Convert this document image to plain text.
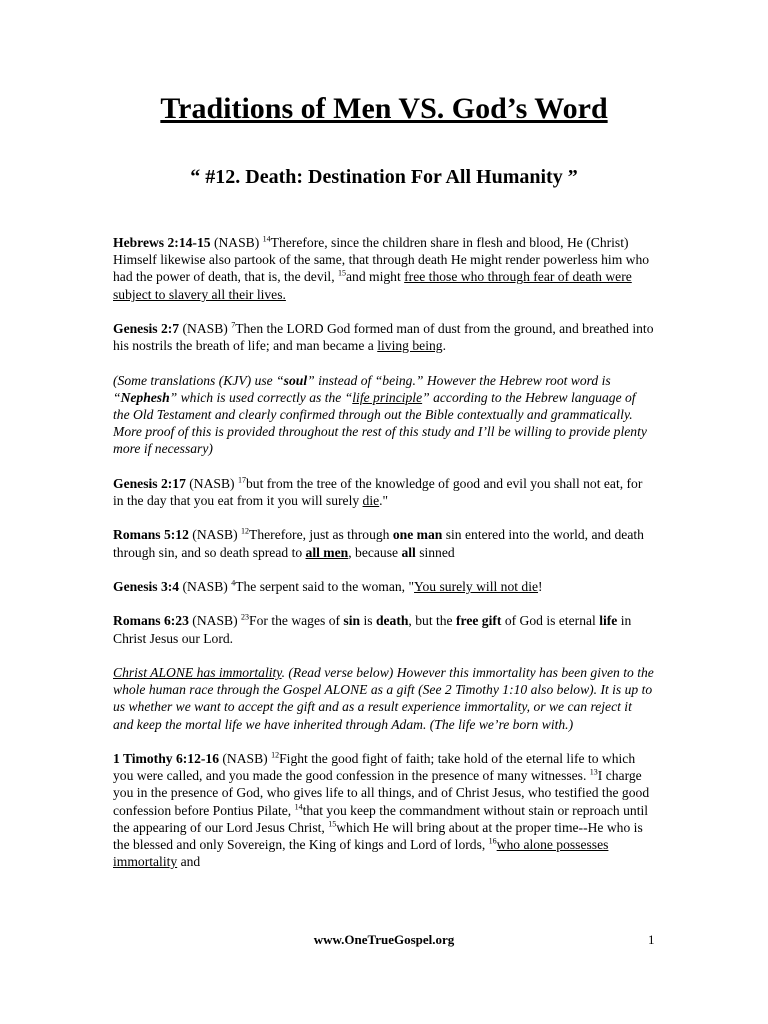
Traditions of Men VS. God’s Word
“ #12. Death: Destination For All Humanity ”

Hebrews 2:14-15 (NASB) $^{14}$Therefore, since the children share in flesh and blood, He (Christ) Himself likewise also partook of the same, that through death He might render powerless him who had the power of death, that is, the devil, $^{15}$and might free those who through fear of death were subject to slavery all their lives.

Genesis 2:7 (NASB) $^7$Then the LORD God formed man of dust from the ground, and breathed into his nostrils the breath of life; and man became a living being.

(Some translations (KJV) use “soul” instead of “being.” However the Hebrew root word is “Nephesh” which is used correctly as the “life principle” according to the Hebrew language of the Old Testament and clearly confirmed through out the Bible contextually and grammatically. More proof of this is provided throughout the rest of this study and I’ll be willing to provide plenty more if necessary)

Genesis 2:17 (NASB) $^{17}$but from the tree of the knowledge of good and evil you shall not eat, for in the day that you eat from it you will surely die."

Romans 5:12 (NASB) $^{12}$Therefore, just as through one man sin entered into the world, and death through sin, and so death spread to all men, because all sinned

Genesis 3:4 (NASB) $^4$The serpent said to the woman, "You surely will not die!

Romans 6:23 (NASB) $^{23}$For the wages of sin is death, but the free gift of God is eternal life in Christ Jesus our Lord.

Christ ALONE has immortality. (Read verse below) However this immortality has been given to the whole human race through the Gospel ALONE as a gift (See 2 Timothy 1:10 also below). It is up to us whether we want to accept the gift and as a result experience immortality, or we can reject it and keep the mortal life we have inherited through Adam. (The life we’re born with.)

1 Timothy 6:12-16 (NASB) $^{12}$Fight the good fight of faith; take hold of the eternal life to which you were called, and you made the good confession in the presence of many witnesses. $^{13}$I charge you in the presence of God, who gives life to all things, and of Christ Jesus, who testified the good confession before Pontius Pilate, $^{14}$that you keep the commandment without stain or reproach until the appearing of our Lord Jesus Christ, $^{15}$which He will bring about at the proper time--He who is the blessed and only Sovereign, the King of kings and Lord of lords, $^{16}$who alone possesses immortality and

www.OneTrueGospel.org	1
